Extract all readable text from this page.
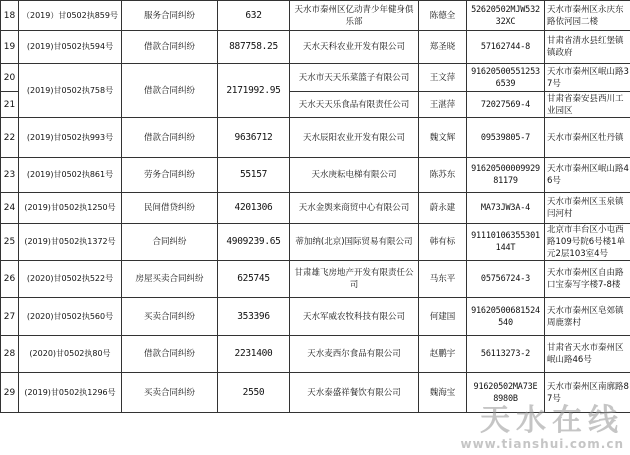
18	（2019）甘0502执859号	服务合同纠纷	632	天水市秦州区亿动青少年健身俱乐部	陈德全	52620502MJW53232XC	天水市秦州区永庆东路依河园二楼
19	(2019)甘0502执594号	借款合同纠纷	887758.25	天水天科农业开发有限公司	郑圣晓	57162744-8	甘肃省清水县红堡镇镇政府
20	(2019)甘0502执758号	借款合同纠纷	2171992.95	天水市天天乐菜篮子有限公司	王文萍	91620500551253653​9	天水市秦州区岷山路37号
21				天水天天乐食品有限责任公司	王湛萍	72027569-4	甘肃省秦安县西川工业园区
22	(2019)甘0502执993号	借款合同纠纷	9636712	天水辰阳农业开发有限公司	魏文辉	09539805-7	天水市秦州区牡丹镇
23	(2019)甘0502执861号	劳务合同纠纷	55157	天水庚耘电梯有限公司	陈苏东	91620500009929 81179	天水市秦州区岷山路46号
24	(2019)甘0502执1250号	民间借贷纠纷	4201306	天水金舆来商贸中心有限公司	蔚永建	MA73JW3A-4	天水市秦州区玉泉镇闫河村
25	(2019)甘0502执1372号	合同纠纷	4909239.65	蒂加纳(北京)国际贸易有限公司	韩有标	91110106355301144T	北京市丰台区小屯西路109号院6号楼1单元2层103室4号
26	(2020)甘0502执522号	房屋买卖合同纠纷	625745	甘肃雄飞房地产开发有限责任公司	马东平	05756724-3	天水市秦州区自由路口宝泰写字楼7-8楼
27	(2020)甘0502执560号	买卖合同纠纷	353396	天水军威农牧科技有限公司	何建国	91620500681524540	天水市秦州区皂郊镇周鹿寨村
28	(2020)甘0502执80号	借款合同纠纷	2231400	天水麦西尔食品有限公司	赵鹏宇	56113273-2	甘肃省天水市秦州区岷山路46号
29	(2019)甘0502执1296号	买卖合同纠纷	2550	天水泰盛祥餐饮有限公司	魏海宝	91620502MA73E 8980B	天水市秦州区南廓路87号
天水在线
www.tianshui.com.cn
